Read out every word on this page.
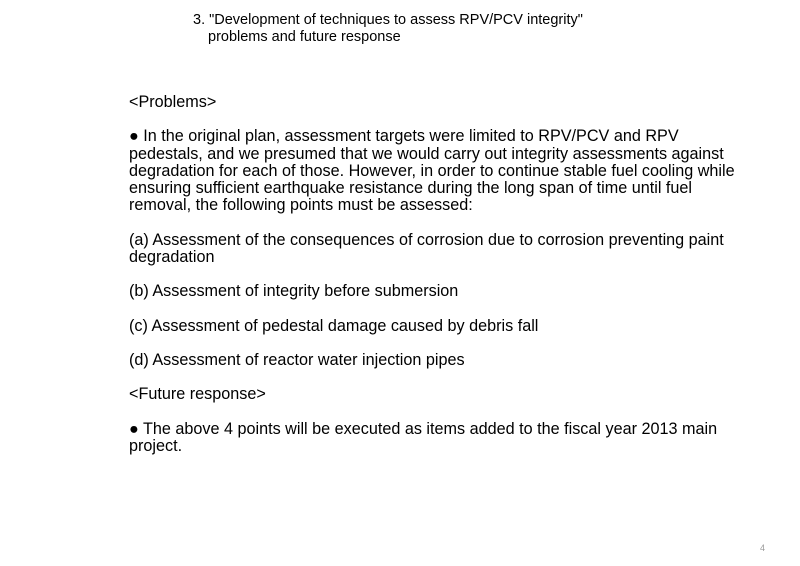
3. "Development of techniques to assess RPV/PCV integrity"
problems and future response

<Problems>

● In the original plan, assessment targets were limited to RPV/PCV and RPV pedestals, and we presumed that we would carry out integrity assessments against degradation for each of those. However, in order to continue stable fuel cooling while ensuring sufficient earthquake resistance during the long span of time until fuel removal, the following points must be assessed:

(a) Assessment of the consequences of corrosion due to corrosion preventing paint degradation

(b) Assessment of integrity before submersion

(c) Assessment of pedestal damage caused by debris fall

(d) Assessment of reactor water injection pipes

<Future response>

● The above 4 points will be executed as items added to the fiscal year 2013 main project.

4
